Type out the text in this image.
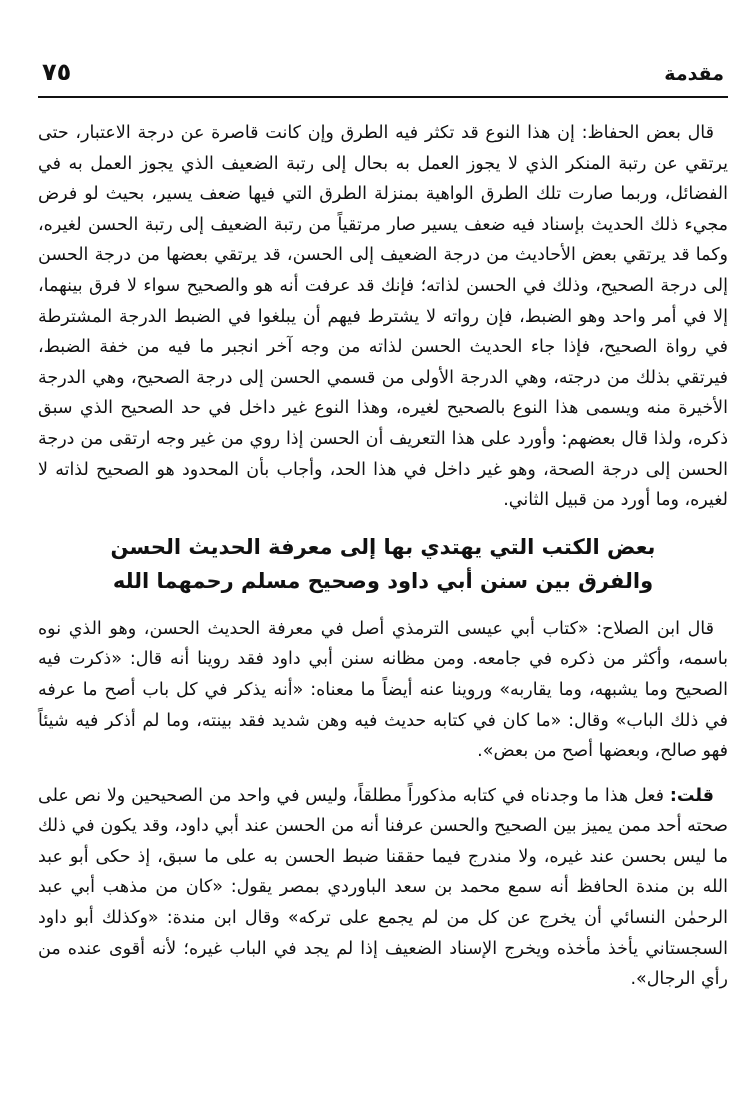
مقدمة
٧٥

قال بعض الحفاظ: إن هذا النوع قد تكثر فيه الطرق وإن كانت قاصرة عن درجة الاعتبار، حتى يرتقي عن رتبة المنكر الذي لا يجوز العمل به بحال إلى رتبة الضعيف الذي يجوز العمل به في الفضائل، وربما صارت تلك الطرق الواهية بمنزلة الطرق التي فيها ضعف يسير، بحيث لو فرض مجيء ذلك الحديث بإسناد فيه ضعف يسير صار مرتقياً من رتبة الضعيف إلى رتبة الحسن لغيره، وكما قد يرتقي بعض الأحاديث من درجة الضعيف إلى الحسن، قد يرتقي بعضها من درجة الحسن إلى درجة الصحيح، وذلك في الحسن لذاته؛ فإنك قد عرفت أنه هو والصحيح سواء لا فرق بينهما، إلا في أمر واحد وهو الضبط، فإن رواته لا يشترط فيهم أن يبلغوا في الضبط الدرجة المشترطة في رواة الصحيح، فإذا جاء الحديث الحسن لذاته من وجه آخر انجبر ما فيه من خفة الضبط، فيرتقي بذلك من درجته، وهي الدرجة الأولى من قسمي الحسن إلى درجة الصحيح، وهي الدرجة الأخيرة منه ويسمى هذا النوع بالصحيح لغيره، وهذا النوع غير داخل في حد الصحيح الذي سبق ذكره، ولذا قال بعضهم: وأورد على هذا التعريف أن الحسن إذا روي من غير وجه ارتقى من درجة الحسن إلى درجة الصحة، وهو غير داخل في هذا الحد، وأجاب بأن المحدود هو الصحيح لذاته لا لغيره، وما أورد من قبيل الثاني.

بعض الكتب التي يهتدي بها إلى معرفة الحديث الحسن
والفرق بين سنن أبي داود وصحيح مسلم رحمهما الله

قال ابن الصلاح: «كتاب أبي عيسى الترمذي أصل في معرفة الحديث الحسن، وهو الذي نوه باسمه، وأكثر من ذكره في جامعه. ومن مظانه سنن أبي داود فقد روينا أنه قال: «ذكرت فيه الصحيح وما يشبهه، وما يقاربه» وروينا عنه أيضاً ما معناه: «أنه يذكر في كل باب أصح ما عرفه في ذلك الباب» وقال: «ما كان في كتابه حديث فيه وهن شديد فقد بينته، وما لم أذكر فيه شيئاً فهو صالح، وبعضها أصح من بعض».

قلت: فعل هذا ما وجدناه في كتابه مذكوراً مطلقاً، وليس في واحد من الصحيحين ولا نص على صحته أحد ممن يميز بين الصحيح والحسن عرفنا أنه من الحسن عند أبي داود، وقد يكون في ذلك ما ليس بحسن عند غيره، ولا مندرج فيما حققنا ضبط الحسن به على ما سبق، إذ حكى أبو عبد الله بن مندة الحافظ أنه سمع محمد بن سعد الباوردي بمصر يقول: «كان من مذهب أبي عبد الرحمٰن النسائي أن يخرج عن كل من لم يجمع على تركه» وقال ابن مندة: «وكذلك أبو داود السجستاني يأخذ مأخذه ويخرج الإسناد الضعيف إذا لم يجد في الباب غيره؛ لأنه أقوى عنده من رأي الرجال».
